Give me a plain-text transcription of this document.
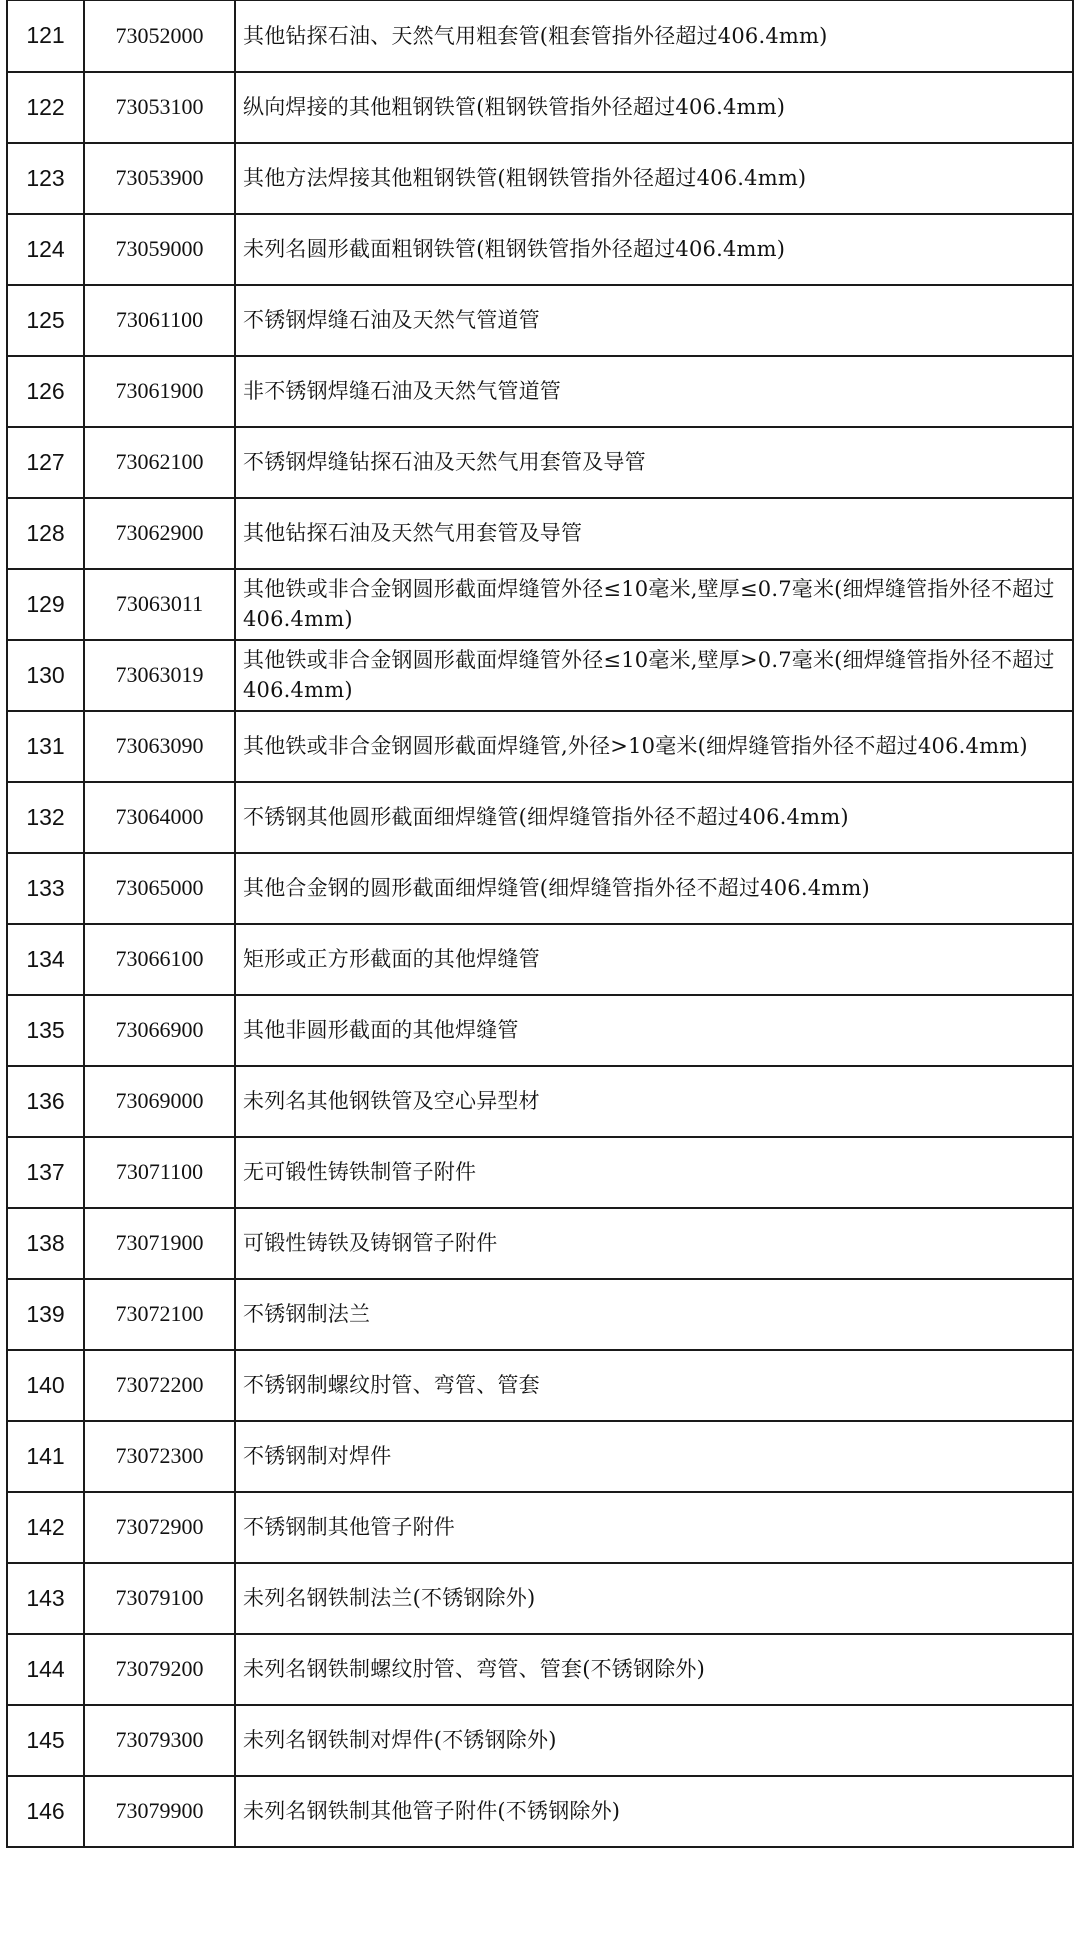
121	73052000	其他钻探石油、天然气用粗套管(粗套管指外径超过406.4mm)
122	73053100	纵向焊接的其他粗钢铁管(粗钢铁管指外径超过406.4mm)
123	73053900	其他方法焊接其他粗钢铁管(粗钢铁管指外径超过406.4mm)
124	73059000	未列名圆形截面粗钢铁管(粗钢铁管指外径超过406.4mm)
125	73061100	不锈钢焊缝石油及天然气管道管
126	73061900	非不锈钢焊缝石油及天然气管道管
127	73062100	不锈钢焊缝钻探石油及天然气用套管及导管
128	73062900	其他钻探石油及天然气用套管及导管
129	73063011	其他铁或非合金钢圆形截面焊缝管外径≤10毫米,壁厚≤0.7毫米(细焊缝管指外径不超过406.4mm)
130	73063019	其他铁或非合金钢圆形截面焊缝管外径≤10毫米,壁厚>0.7毫米(细焊缝管指外径不超过406.4mm)
131	73063090	其他铁或非合金钢圆形截面焊缝管,外径>10毫米(细焊缝管指外径不超过406.4mm)
132	73064000	不锈钢其他圆形截面细焊缝管(细焊缝管指外径不超过406.4mm)
133	73065000	其他合金钢的圆形截面细焊缝管(细焊缝管指外径不超过406.4mm)
134	73066100	矩形或正方形截面的其他焊缝管
135	73066900	其他非圆形截面的其他焊缝管
136	73069000	未列名其他钢铁管及空心异型材
137	73071100	无可锻性铸铁制管子附件
138	73071900	可锻性铸铁及铸钢管子附件
139	73072100	不锈钢制法兰
140	73072200	不锈钢制螺纹肘管、弯管、管套
141	73072300	不锈钢制对焊件
142	73072900	不锈钢制其他管子附件
143	73079100	未列名钢铁制法兰(不锈钢除外)
144	73079200	未列名钢铁制螺纹肘管、弯管、管套(不锈钢除外)
145	73079300	未列名钢铁制对焊件(不锈钢除外)
146	73079900	未列名钢铁制其他管子附件(不锈钢除外)
